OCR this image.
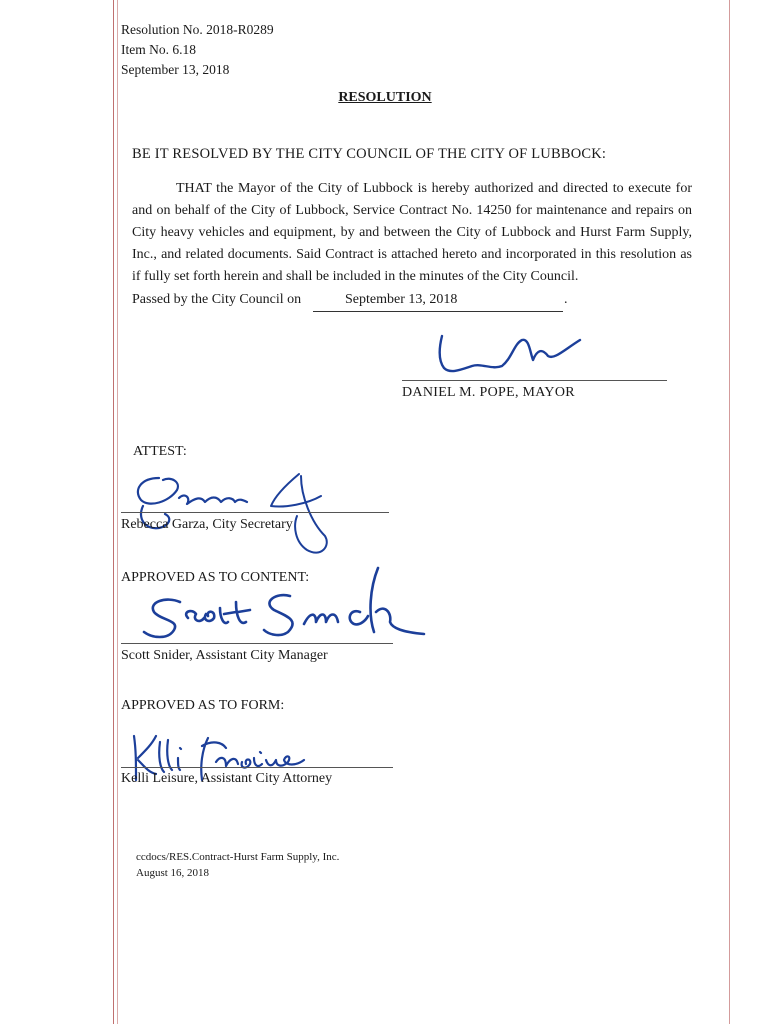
Resolution No. 2018-R0289
Item No. 6.18
September 13, 2018
RESOLUTION
BE IT RESOLVED BY THE CITY COUNCIL OF THE CITY OF LUBBOCK:
THAT the Mayor of the City of Lubbock is hereby authorized and directed to execute for and on behalf of the City of Lubbock, Service Contract No. 14250 for maintenance and repairs on City heavy vehicles and equipment, by and between the City of Lubbock and Hurst Farm Supply, Inc., and related documents. Said Contract is attached hereto and incorporated in this resolution as if fully set forth herein and shall be included in the minutes of the City Council.
Passed by the City Council on	September 13, 2018	.
DANIEL M. POPE, MAYOR
ATTEST:
Rebecca Garza, City Secretary
APPROVED AS TO CONTENT:
Scott Snider, Assistant City Manager
APPROVED AS TO FORM:
Kelli Leisure, Assistant City Attorney
ccdocs/RES.Contract-Hurst Farm Supply, Inc.
August 16, 2018
